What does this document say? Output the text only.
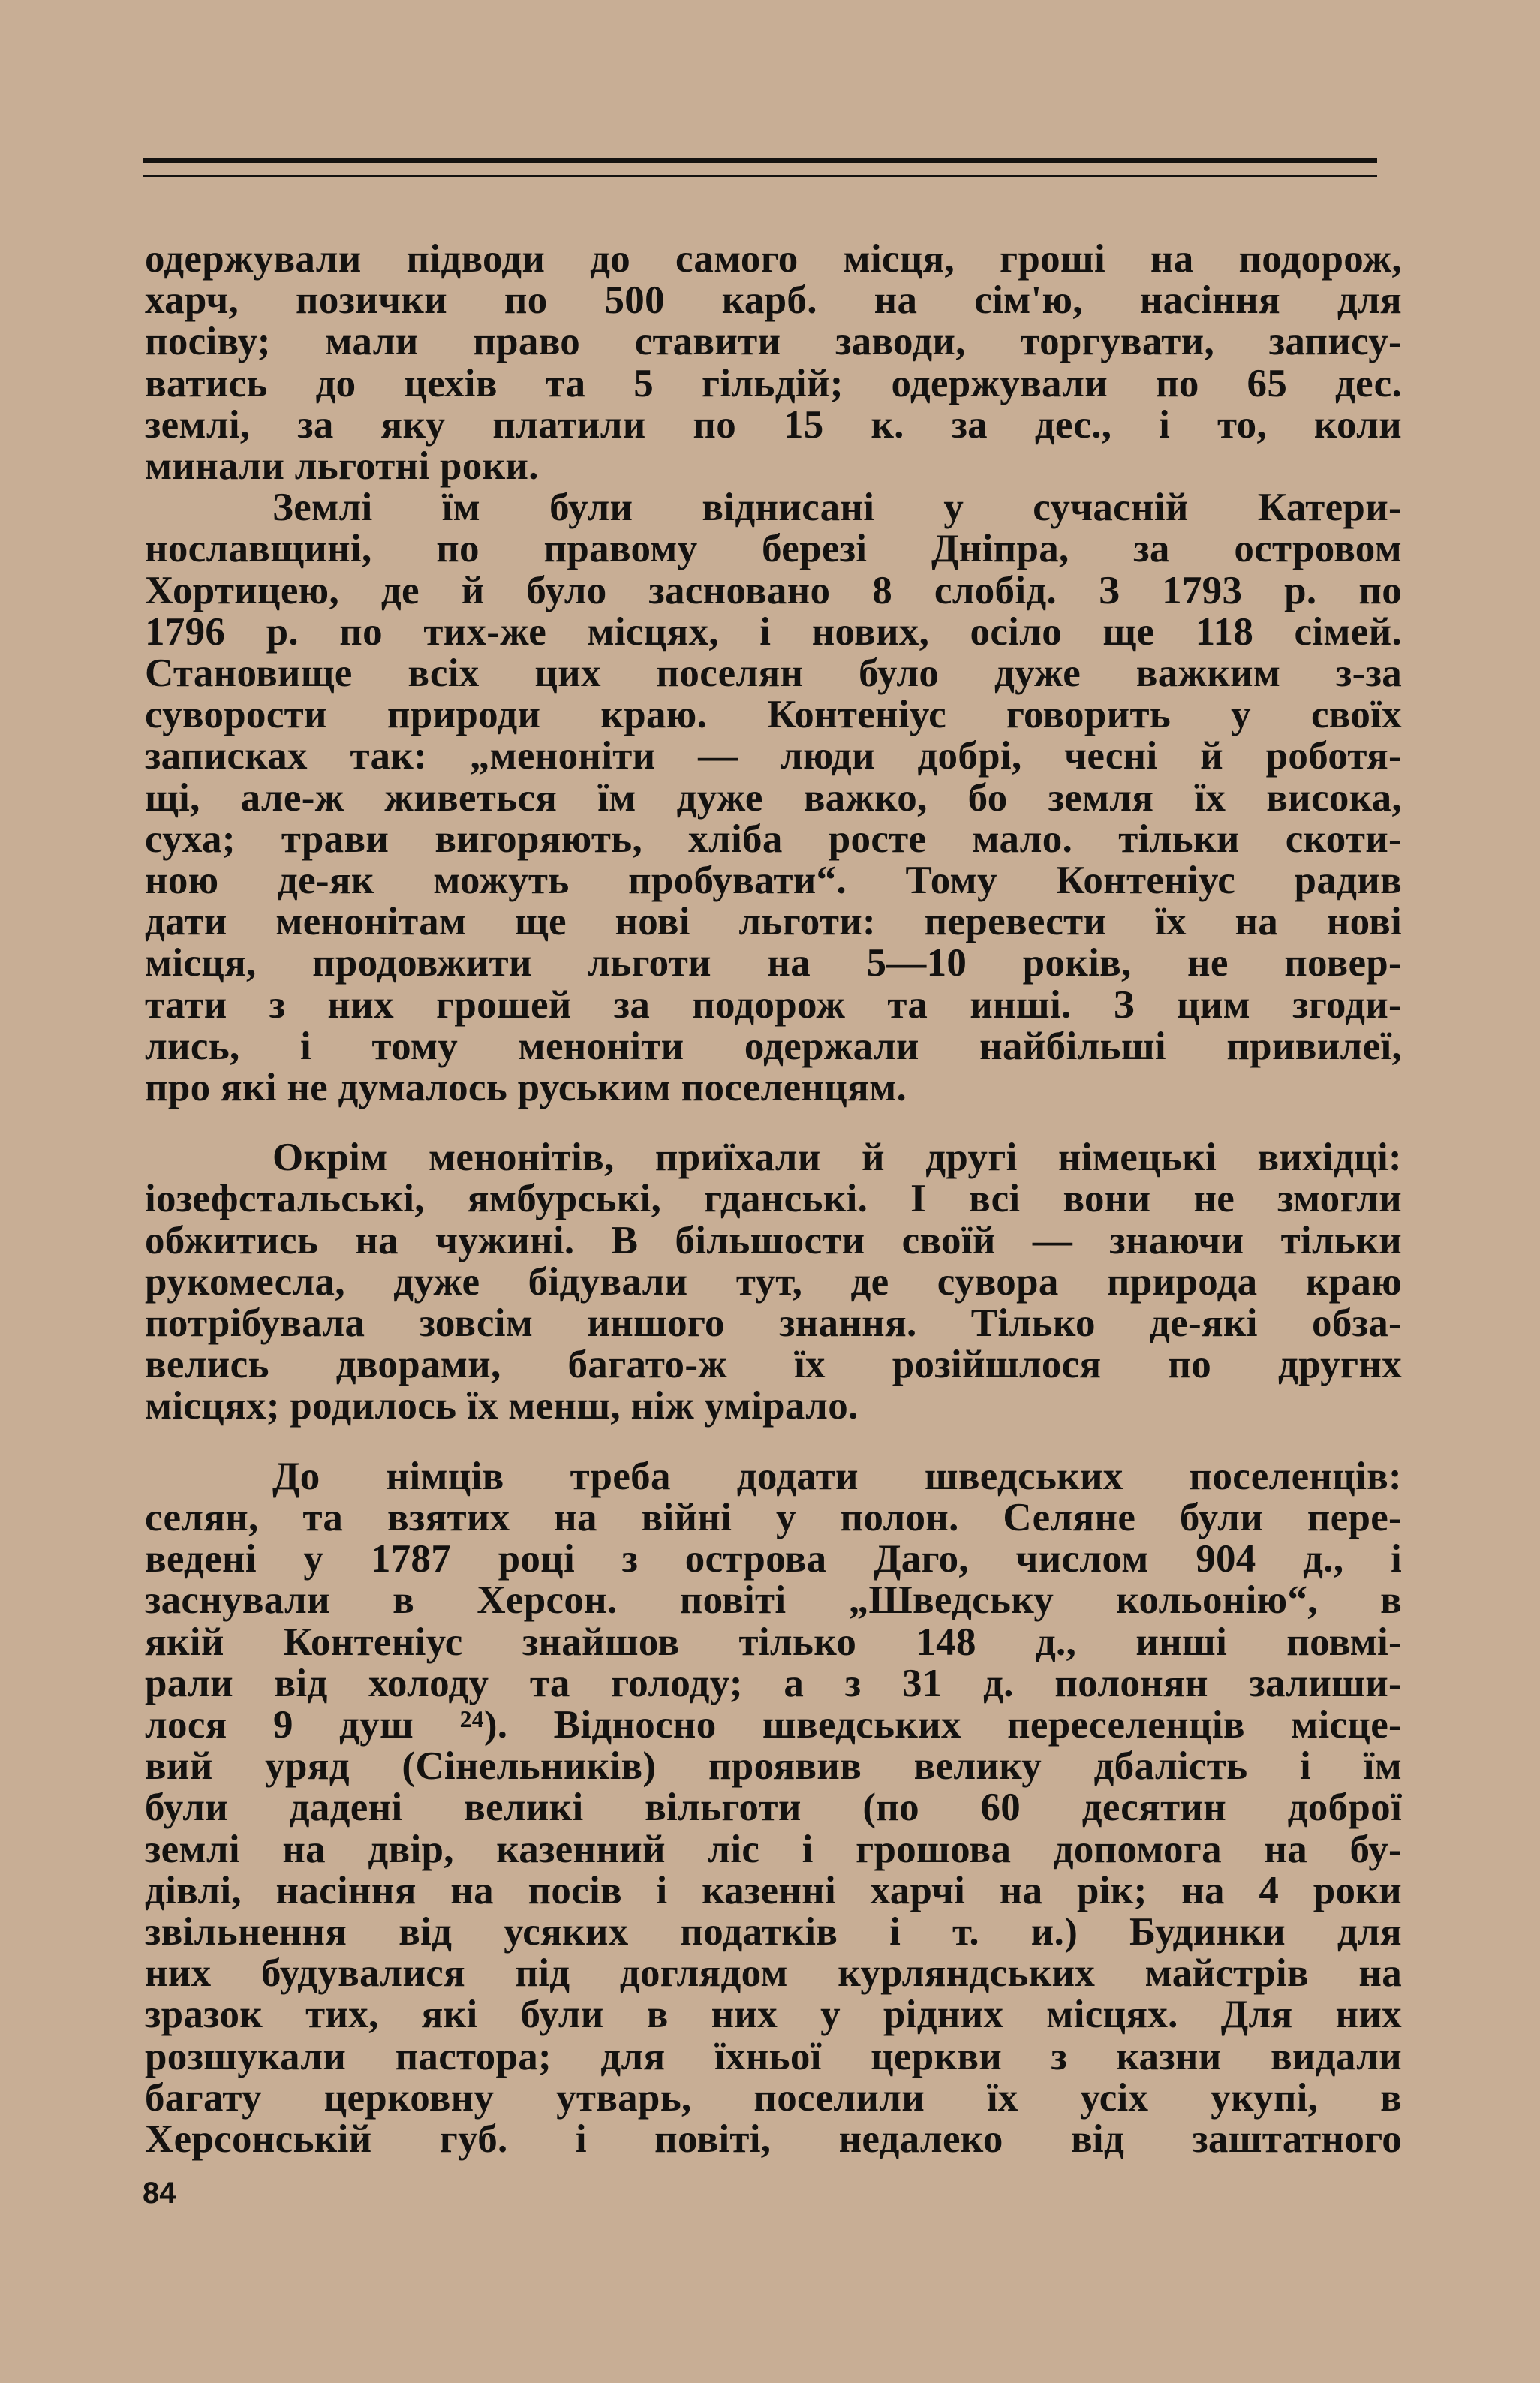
одержували підводи до самого місця, гроші на подорож,
харч, позички по 500 карб. на сім'ю, насіння для
посіву; мали право ставити заводи, торгувати, запису-
ватись до цехів та 5 гільдій; одержували по 65 дес.
землі, за яку платили по 15 к. за дес., і то, коли
минали льготні роки.
Землі їм були віднисані у сучасній Катери-
нославщині, по правому березі Дніпра, за островом
Хортицею, де й було засновано 8 слобід. З 1793 р. по
1796 р. по тих-же місцях, і нових, осіло ще 118 сімей.
Становище всіх цих поселян було дуже важким з-за
суворости природи краю. Контеніус говорить у своїх
записках так: „менонiти — люди добрі, чесні й роботя-
щі, але-ж живеться їм дуже важко, бо земля їх висока,
суха; трави вигоряють, хліба росте мало. тільки скоти-
ною де-як можуть пробувати“. Тому Контеніус радив
дати менонітам ще нові льготи: перевести їх на нові
місця, продовжити льготи на 5—10 років, не повер-
тати з них грошей за подорож та инші. З цим згоди-
лись, і тому менонiти одержали найбільші привилеї,
про які не думалось руським поселенцям.
Окрім менонітів, приїхали й другі німецькі вихідці:
іозефстальські, ямбурські, гданські. І всі вони не змогли
обжитись на чужині. В більшости своїй — знаючи тільки
рукомесла, дуже бідували тут, де сувора природа краю
потрібувала зовсім иншого знання. Тілько де-які обза-
велись дворами, багато-ж їх розійшлося по другнх
місцях; родилось їх менш, ніж уміралo.
До німців треба додати шведських поселенців:
селян, та взятих на війні у полон. Селяне були пере-
ведені у 1787 році з острова Даго, числом 904 д., і
заснували в Херсон. повіті „Шведську кольонію“, в
якій Контеніус знайшов тілько 148 д., инші повмі-
рали від холоду та голоду; а з 31 д. полонян залиши-
лося 9 душ ²⁴). Відносно шведських переселенців місце-
вий уряд (Сінельників) проявив велику дбалість і їм
були дадені великі вільготи (по 60 десятин доброї
землі на двір, казенний ліс і грошова допомога на бу-
дівлі, насіння на посів і казенні харчі на рік; на 4 роки
звільнення від усяких податків і т. и.) Будинки для
них будувалися під доглядом курляндських майстрів на
зразок тих, які були в них у рідних місцях. Для них
розшукали пастора; для їхньої церкви з казни видали
багату церковну утварь, поселили їх усіх укупі, в
Херсонській губ. і повіті, недалеко від заштатного
84
